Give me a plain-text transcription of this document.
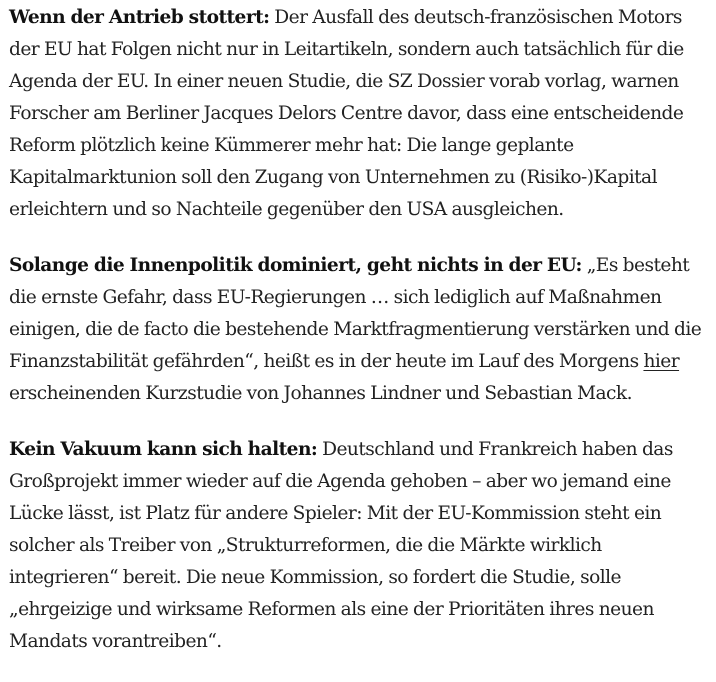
Wenn der Antrieb stottert: Der Ausfall des deutsch-französischen Motors der EU hat Folgen nicht nur in Leitartikeln, sondern auch tatsächlich für die Agenda der EU. In einer neuen Studie, die SZ Dossier vorab vorlag, warnen Forscher am Berliner Jacques Delors Centre davor, dass eine entscheidende Reform plötzlich keine Kümmerer mehr hat: Die lange geplante Kapitalmarktunion soll den Zugang von Unternehmen zu (Risiko-)Kapital erleichtern und so Nachteile gegenüber den USA ausgleichen.

Solange die Innenpolitik dominiert, geht nichts in der EU: „Es besteht die ernste Gefahr, dass EU-Regierungen … sich lediglich auf Maßnahmen einigen, die de facto die bestehende Marktfragmentierung verstärken und die Finanzstabilität gefährden“, heißt es in der heute im Lauf des Morgens hier erscheinenden Kurzstudie von Johannes Lindner und Sebastian Mack.

Kein Vakuum kann sich halten: Deutschland und Frankreich haben das Großprojekt immer wieder auf die Agenda gehoben – aber wo jemand eine Lücke lässt, ist Platz für andere Spieler: Mit der EU-Kommission steht ein solcher als Treiber von „Strukturreformen, die die Märkte wirklich integrieren“ bereit. Die neue Kommission, so fordert die Studie, solle „ehrgeizige und wirksame Reformen als eine der Prioritäten ihres neuen Mandats vorantreiben“.
